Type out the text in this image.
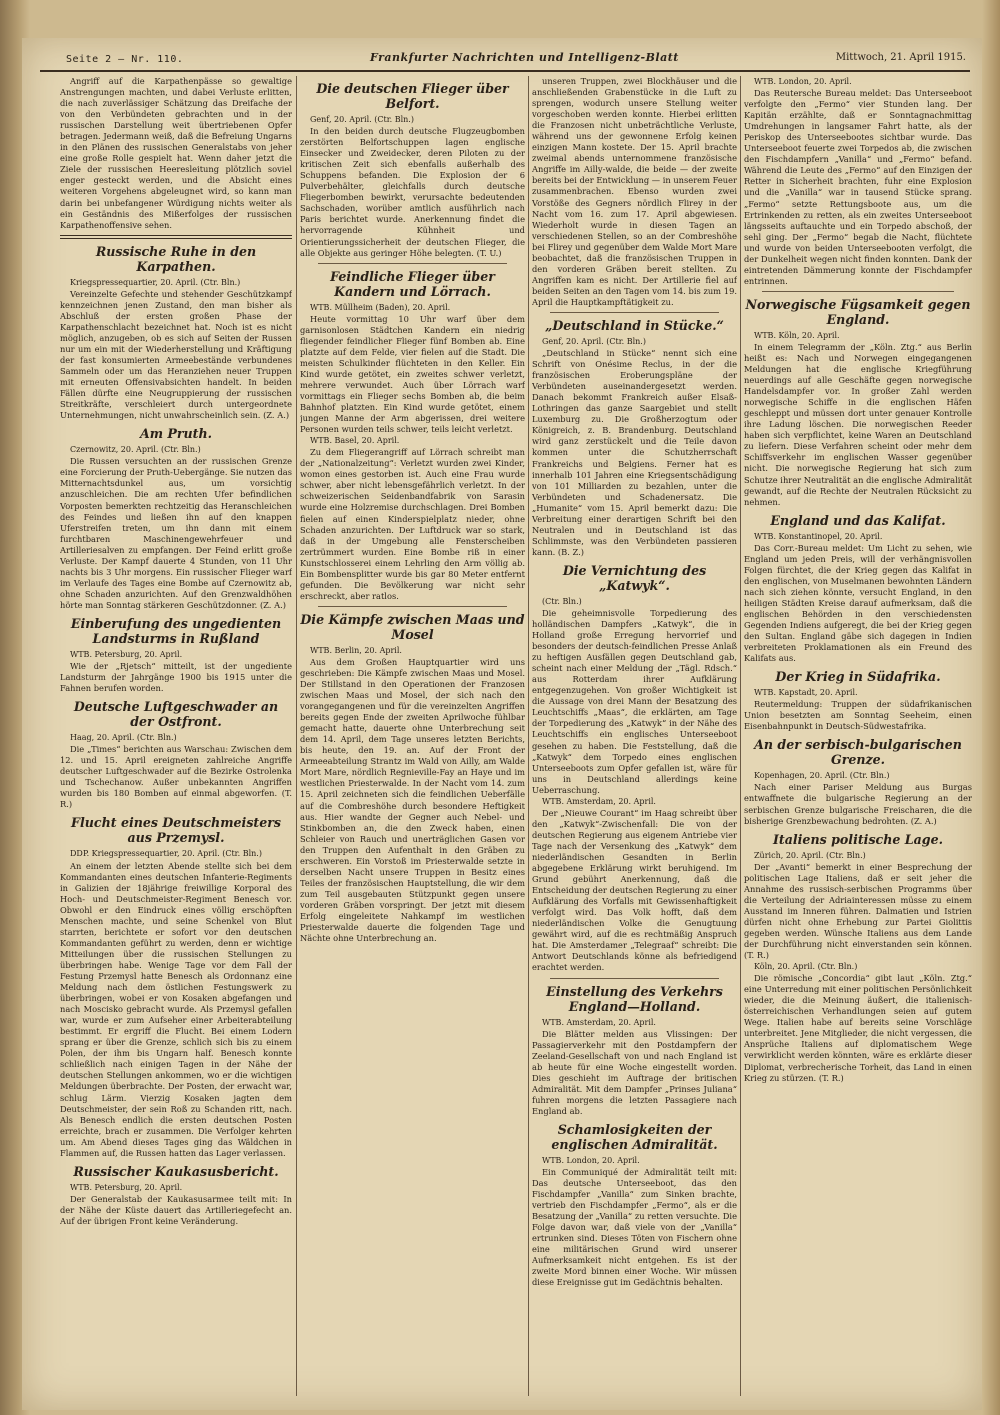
Seite 2 — Nr. 110.	Frankfurter Nachrichten und Intelligenz-Blatt	Mittwoch, 21. April 1915.

Angriff auf die Karpathenpässe so gewaltige Anstrengungen machten, und dabei Verluste erlitten, die nach zuverlässiger Schätzung das Dreifache der von den Verbündeten gebrachten und in der russischen Darstellung weit übertriebenen Opfer betragen. Jedermann weiß, daß die Befreiung Ungarns in den Plänen des russischen Generalstabs von jeher eine große Rolle gespielt hat. Wenn daher jetzt die Ziele der russischen Heeresleitung plötzlich soviel enger gesteckt werden, und die Absicht eines weiteren Vorgehens abgeleugnet wird, so kann man darin bei unbefangener Würdigung nichts weiter als ein Geständnis des Mißerfolges der russischen Karpathenoffensive sehen.

Russische Ruhe in den Karpathen.
Kriegspressequartier, 20. April. (Ctr. Bln.)

Vereinzelte Gefechte und stehender Geschützkampf kennzeichnen jenen Zustand, den man bisher als Abschluß der ersten großen Phase der Karpathenschlacht bezeichnet hat. Noch ist es nicht möglich, anzugeben, ob es sich auf Seiten der Russen nur um ein mit der Wiederherstellung und Kräftigung der fast konsumierten Armeebestände verbundenes Sammeln oder um das Heranziehen neuer Truppen mit erneuten Offensivabsichten handelt. In beiden Fällen dürfte eine Neugruppierung der russischen Streitkräfte, verschleiert durch untergeordnete Unternehmungen, nicht unwahrscheinlich sein. (Z. A.)

Am Pruth.
Czernowitz, 20. April. (Ctr. Bln.)

Die Russen versuchten an der russischen Grenze eine Forcierung der Pruth-Uebergänge. Sie nutzen das Mitternachtsdunkel aus, um vorsichtig anzuschleichen. Die am rechten Ufer befindlichen Vorposten bemerkten rechtzeitig das Heranschleichen des Feindes und ließen ihn auf den knappen Uferstreifen treten, um ihn dann mit einem furchtbaren Maschinengewehrfeuer und Artilleriesalven zu empfangen. Der Feind erlitt große Verluste. Der Kampf dauerte 4 Stunden, von 11 Uhr nachts bis 3 Uhr morgens. Ein russischer Flieger warf im Verlaufe des Tages eine Bombe auf Czernowitz ab, ohne Schaden anzurichten. Auf den Grenzwaldhöhen hörte man Sonntag stärkeren Geschützdonner. (Z. A.)

Einberufung des ungedienten Landsturms in Rußland
WTB. Petersburg, 20. April.

Wie der „Rjetsch“ mitteilt, ist der ungediente Landsturm der Jahrgänge 1900 bis 1915 unter die Fahnen berufen worden.

Deutsche Luftgeschwader an der Ostfront.
Haag, 20. April. (Ctr. Bln.)

Die „Times“ berichten aus Warschau: Zwischen dem 12. und 15. April ereigneten zahlreiche Angriffe deutscher Luftgeschwader auf die Bezirke Ostrolenka und Tschechanow. Außer unbekannten Angriffen wurden bis 180 Bomben auf einmal abgeworfen. (T. R.)

Flucht eines Deutschmeisters aus Przemysl.
DDP. Kriegspressequartier, 20. April. (Ctr. Bln.)

An einem der letzten Abende stellte sich bei dem Kommandanten eines deutschen Infanterie-Regiments in Galizien der 18jährige freiwillige Korporal des Hoch- und Deutschmeister-Regiment Benesch vor. Obwohl er den Eindruck eines völlig erschöpften Menschen machte, und seine Schenkel von Blut starrten, berichtete er sofort vor den deutschen Kommandanten geführt zu werden, denn er wichtige Mitteilungen über die russischen Stellungen zu überbringen habe. Wenige Tage vor dem Fall der Festung Przemysl hatte Benesch als Ordonnanz eine Meldung nach dem östlichen Festungswerk zu überbringen, wobei er von Kosaken abgefangen und nach Moscisko gebracht wurde. Als Przemysl gefallen war, wurde er zum Aufseher einer Arbeiterabteilung bestimmt. Er ergriff die Flucht. Bei einem Lodern sprang er über die Grenze, schlich sich bis zu einem Polen, der ihm bis Ungarn half. Benesch konnte schließlich nach einigen Tagen in der Nähe der deutschen Stellungen ankommen, wo er die wichtigen Meldungen überbrachte. Der Posten, der erwacht war, schlug Lärm. Vierzig Kosaken jagten dem Deutschmeister, der sein Roß zu Schanden ritt, nach. Als Benesch endlich die ersten deutschen Posten erreichte, brach er zusammen. Die Verfolger kehrten um. Am Abend dieses Tages ging das Wäldchen in Flammen auf, die Russen hatten das Lager verlassen.

Russischer Kaukasusbericht.
WTB. Petersburg, 20. April.

Der Generalstab der Kaukasusarmee teilt mit: In der Nähe der Küste dauert das Artilleriegefecht an. Auf der übrigen Front keine Veränderung.

Die deutschen Flieger über Belfort.
Genf, 20. April. (Ctr. Bln.)

In den beiden durch deutsche Flugzeugbomben zerstörten Belfortschuppen lagen englische Einsecker und Zweidecker, deren Piloten zu der kritischen Zeit sich ebenfalls außerhalb des Schuppens befanden. Die Explosion der 6 Pulverbehälter, gleichfalls durch deutsche Fliegerbomben bewirkt, verursachte bedeutenden Sachschaden, worüber amtlich ausführlich nach Paris berichtet wurde. Anerkennung findet die hervorragende Kühnheit und Orientierungssicherheit der deutschen Flieger, die alle Objekte aus geringer Höhe belegten. (T. U.)

Feindliche Flieger über Kandern und Lörrach.
WTB. Müllheim (Baden), 20. April.

Heute vormittag 10 Uhr warf über dem garnisonlosen Städtchen Kandern ein niedrig fliegender feindlicher Flieger fünf Bomben ab. Eine platzte auf dem Felde, vier fielen auf die Stadt. Die meisten Schulkinder flüchteten in den Keller. Ein Kind wurde getötet, ein zweites schwer verletzt, mehrere verwundet. Auch über Lörrach warf vormittags ein Flieger sechs Bomben ab, die beim Bahnhof platzten. Ein Kind wurde getötet, einem jungen Manne der Arm abgerissen, drei weitere Personen wurden teils schwer, teils leicht verletzt.

WTB. Basel, 20. April.

Zu dem Fliegerangriff auf Lörrach schreibt man der „Nationalzeitung“: Verletzt wurden zwei Kinder, womon eines gestorben ist. Auch eine Frau wurde schwer, aber nicht lebensgefährlich verletzt. In der schweizerischen Seidenbandfabrik von Sarasin wurde eine Holzremise durchschlagen. Drei Bomben fielen auf einen Kinderspielplatz nieder, ohne Schaden anzurichten. Der Luftdruck war so stark, daß in der Umgebung alle Fensterscheiben zertrümmert wurden. Eine Bombe riß in einer Kunstschlosserei einem Lehrling den Arm völlig ab. Ein Bombensplitter wurde bis gar 80 Meter entfernt gefunden. Die Bevölkerung war nicht sehr erschreckt, aber ratlos.

Die Kämpfe zwischen Maas und Mosel
WTB. Berlin, 20. April.

Aus dem Großen Hauptquartier wird uns geschrieben: Die Kämpfe zwischen Maas und Mosel. Der Stillstand in den Operationen der Franzosen zwischen Maas und Mosel, der sich nach den vorangegangenen und für die vereinzelten Angriffen bereits gegen Ende der zweiten Aprilwoche fühlbar gemacht hatte, dauerte ohne Unterbrechung seit dem 14. April, dem Tage unseres letzten Berichts, bis heute, den 19. an. Auf der Front der Armeeabteilung Strantz im Wald von Ailly, am Walde Mort Mare, nördlich Regnieville-Fay an Haye und im westlichen Priesterwalde. In der Nacht vom 14. zum 15. April zeichneten sich die feindlichen Ueberfälle auf die Combreshöhe durch besondere Heftigkeit aus. Hier wandte der Gegner auch Nebel- und Stinkbomben an, die den Zweck haben, einen Schleier von Rauch und unerträglichen Gasen vor den Truppen den Aufenthalt in den Gräben zu erschweren. Ein Vorstoß im Priesterwalde setzte in derselben Nacht unsere Truppen in Besitz eines Teiles der französischen Hauptstellung, die wir dem zum Teil ausgebauten Stützpunkt gegen unsere vorderen Gräben vorspringt. Der jetzt mit diesem Erfolg eingeleitete Nahkampf im westlichen Priesterwalde dauerte die folgenden Tage und Nächte ohne Unterbrechung an.

unseren Truppen, zwei Blockhäuser und die anschließenden Grabenstücke in die Luft zu sprengen, wodurch unsere Stellung weiter vorgeschoben werden konnte. Hierbei erlitten die Franzosen nicht unbeträchtliche Verluste, während uns der gewonnene Erfolg keinen einzigen Mann kostete. Der 15. April brachte zweimal abends unternommene französische Angriffe im Ailly-walde, die beide — der zweite bereits bei der Entwicklung — in unserem Feuer zusammenbrachen. Ebenso wurden zwei Vorstöße des Gegners nördlich Flirey in der Nacht vom 16. zum 17. April abgewiesen. Wiederholt wurde in diesen Tagen an verschiedenen Stellen, so an der Combreshöhe bei Flirey und gegenüber dem Walde Mort Mare beobachtet, daß die französischen Truppen in den vorderen Gräben bereit stellten. Zu Angriffen kam es nicht. Der Artillerie fiel auf beiden Seiten an den Tagen vom 14. bis zum 19. April die Hauptkampftätigkeit zu.

„Deutschland in Stücke.“
Genf, 20. April. (Ctr. Bln.)

„Deutschland in Stücke“ nennt sich eine Schrift von Onésime Reclus, in der die französischen Eroberungspläne der Verbündeten auseinandergesetzt werden. Danach bekommt Frankreich außer Elsaß-Lothringen das ganze Saargebiet und stellt Luxemburg zu. Die Großherzogtum oder Königreich, z. B. Brandenburg. Deutschland wird ganz zerstückelt und die Teile davon kommen unter die Schutzherrschaft Frankreichs und Belgiens. Ferner hat es innerhalb 101 Jahren eine Kriegsentschädigung von 101 Milliarden zu bezahlen, unter die Verbündeten und Schadenersatz. Die „Humanite“ vom 15. April bemerkt dazu: Die Verbreitung einer derartigen Schrift bei den Neutralen und in Deutschland ist das Schlimmste, was den Verbündeten passieren kann. (B. Z.)

Die Vernichtung des „Katwyk“.
(Ctr. Bln.)

Die geheimnisvolle Torpedierung des holländischen Dampfers „Katwyk“, die in Holland große Erregung hervorrief und besonders der deutsch-feindlichen Presse Anlaß zu heftigen Ausfällen gegen Deutschland gab, scheint nach einer Meldung der „Tägl. Rdsch.“ aus Rotterdam ihrer Aufklärung entgegenzugehen. Von großer Wichtigkeit ist die Aussage von drei Mann der Besatzung des Leuchtschiffs „Maas“, die erklärten, am Tage der Torpedierung des „Katwyk“ in der Nähe des Leuchtschiffs ein englisches Unterseeboot gesehen zu haben. Die Feststellung, daß die „Katwyk“ dem Torpedo eines englischen Unterseeboots zum Opfer gefallen ist, wäre für uns in Deutschland allerdings keine Ueberraschung.

WTB. Amsterdam, 20. April.

Der „Nieuwe Courant“ im Haag schreibt über den „Katwyk“-Zwischenfall: Die von der deutschen Regierung aus eigenem Antriebe vier Tage nach der Versenkung des „Katwyk“ dem niederländischen Gesandten in Berlin abgegebene Erklärung wirkt beruhigend. Im Grund gebührt Anerkennung, daß die Entscheidung der deutschen Regierung zu einer Aufklärung des Vorfalls mit Gewissenhaftigkeit verfolgt wird. Das Volk hofft, daß dem niederländischen Volke die Genugtuung gewährt wird, auf die es rechtmäßig Anspruch hat. Die Amsterdamer „Telegraaf“ schreibt: Die Antwort Deutschlands könne als befriedigend erachtet werden.

Einstellung des Verkehrs England—Holland.
WTB. Amsterdam, 20. April.

Die Blätter melden aus Vlissingen: Der Passagierverkehr mit den Postdampfern der Zeeland-Gesellschaft von und nach England ist ab heute für eine Woche eingestellt worden. Dies geschieht im Auftrage der britischen Admiralität. Mit dem Dampfer „Prinses Juliana“ fuhren morgens die letzten Passagiere nach England ab.

Schamlosigkeiten der englischen Admiralität.
WTB. London, 20. April.

Ein Communiqué der Admiralität teilt mit: Das deutsche Unterseeboot, das den Fischdampfer „Vanilla“ zum Sinken brachte, vertrieb den Fischdampfer „Fermo“, als er die Besatzung der „Vanilla“ zu retten versuchte. Die Folge davon war, daß viele von der „Vanilla“ ertrunken sind. Dieses Töten von Fischern ohne eine militärischen Grund wird unserer Aufmerksamkeit nicht entgehen. Es ist der zweite Mord binnen einer Woche. Wir müssen diese Ereignisse gut im Gedächtnis behalten.

WTB. London, 20. April.

Das Reutersche Bureau meldet: Das Unterseeboot verfolgte den „Fermo“ vier Stunden lang. Der Kapitän erzählte, daß er Sonntagnachmittag Umdrehungen in langsamer Fahrt hatte, als der Periskop des Unterseebootes sichtbar wurde. Das Unterseeboot feuerte zwei Torpedos ab, die zwischen den Fischdampfern „Vanilla“ und „Fermo“ befand. Während die Leute des „Fermo“ auf den Einzigen der Retter in Sicherheit brachten, fuhr eine Explosion und die „Vanilla“ war in tausend Stücke sprang. „Fermo“ setzte Rettungsboote aus, um die Ertrinkenden zu retten, als ein zweites Unterseeboot längsseits auftauchte und ein Torpedo abschoß, der sehl ging. Der „Fermo“ begab die Nacht, flüchtete und wurde von beiden Unterseebooten verfolgt, die der Dunkelheit wegen nicht finden konnten. Dank der eintretenden Dämmerung konnte der Fischdampfer entrinnen.

Norwegische Fügsamkeit gegen England.
WTB. Köln, 20. April.

In einem Telegramm der „Köln. Ztg.“ aus Berlin heißt es: Nach und Norwegen eingegangenen Meldungen hat die englische Kriegführung neuerdings auf alle Geschäfte gegen norwegische Handelsdampfer vor. In großer Zahl werden norwegische Schiffe in die englischen Häfen geschleppt und müssen dort unter genauer Kontrolle ihre Ladung löschen. Die norwegischen Reeder haben sich verpflichtet, keine Waren an Deutschland zu liefern. Diese Verfahren scheint oder mehr dem Schiffsverkehr im englischen Wasser gegenüber nicht. Die norwegische Regierung hat sich zum Schutze ihrer Neutralität an die englische Admiralität gewandt, auf die Rechte der Neutralen Rücksicht zu nehmen.

England und das Kalifat.
WTB. Konstantinopel, 20. April.

Das Corr.-Bureau meldet: Um Licht zu sehen, wie England um jeden Preis, will der verhängnisvollen Folgen fürchtet, die der Krieg gegen das Kalifat in den englischen, von Muselmanen bewohnten Ländern nach sich ziehen könnte, versucht England, in den heiligen Städten Kreise darauf aufmerksam, daß die englischen Behörden in den verschiedensten Gegenden Indiens aufgeregt, die bei der Krieg gegen den Sultan. England gäbe sich dagegen in Indien verbreiteten Proklamationen als ein Freund des Kalifats aus.

Der Krieg in Südafrika.
WTB. Kapstadt, 20. April.

Reutermeldung: Truppen der südafrikanischen Union besetzten am Sonntag Seeheim, einen Eisenbahnpunkt in Deutsch-Südwestafrika.

An der serbisch-bulgarischen Grenze.
Kopenhagen, 20. April. (Ctr. Bln.)

Nach einer Pariser Meldung aus Burgas entwaffnete die bulgarische Regierung an der serbischen Grenze bulgarische Freischaren, die die bisherige Grenzbewachung bedrohten. (Z. A.)

Italiens politische Lage.
Zürich, 20. April. (Ctr. Bln.)

Der „Avanti“ bemerkt in einer Besprechung der politischen Lage Italiens, daß er seit jeher die Annahme des russisch-serbischen Programms über die Verteilung der Adriainteressen müsse zu einem Ausstand im Inneren führen. Dalmatien und Istrien dürfen nicht ohne Erhebung zur Partei Giolittis gegeben werden. Wünsche Italiens aus dem Lande der Durchführung nicht einverstanden sein können. (T. R.)

Köln, 20. April. (Ctr. Bln.)

Die römische „Concordia“ gibt laut „Köln. Ztg.“ eine Unterredung mit einer politischen Persönlichkeit wieder, die die Meinung äußert, die italienisch-österreichischen Verhandlungen seien auf gutem Wege. Italien habe auf bereits seine Vorschläge unterbreitet. Jene Mitglieder, die nicht vergessen, die Ansprüche Italiens auf diplomatischem Wege verwirklicht werden könnten, wäre es erklärte dieser Diplomat, verbrecherische Torheit, das Land in einen Krieg zu stürzen. (T. R.)
